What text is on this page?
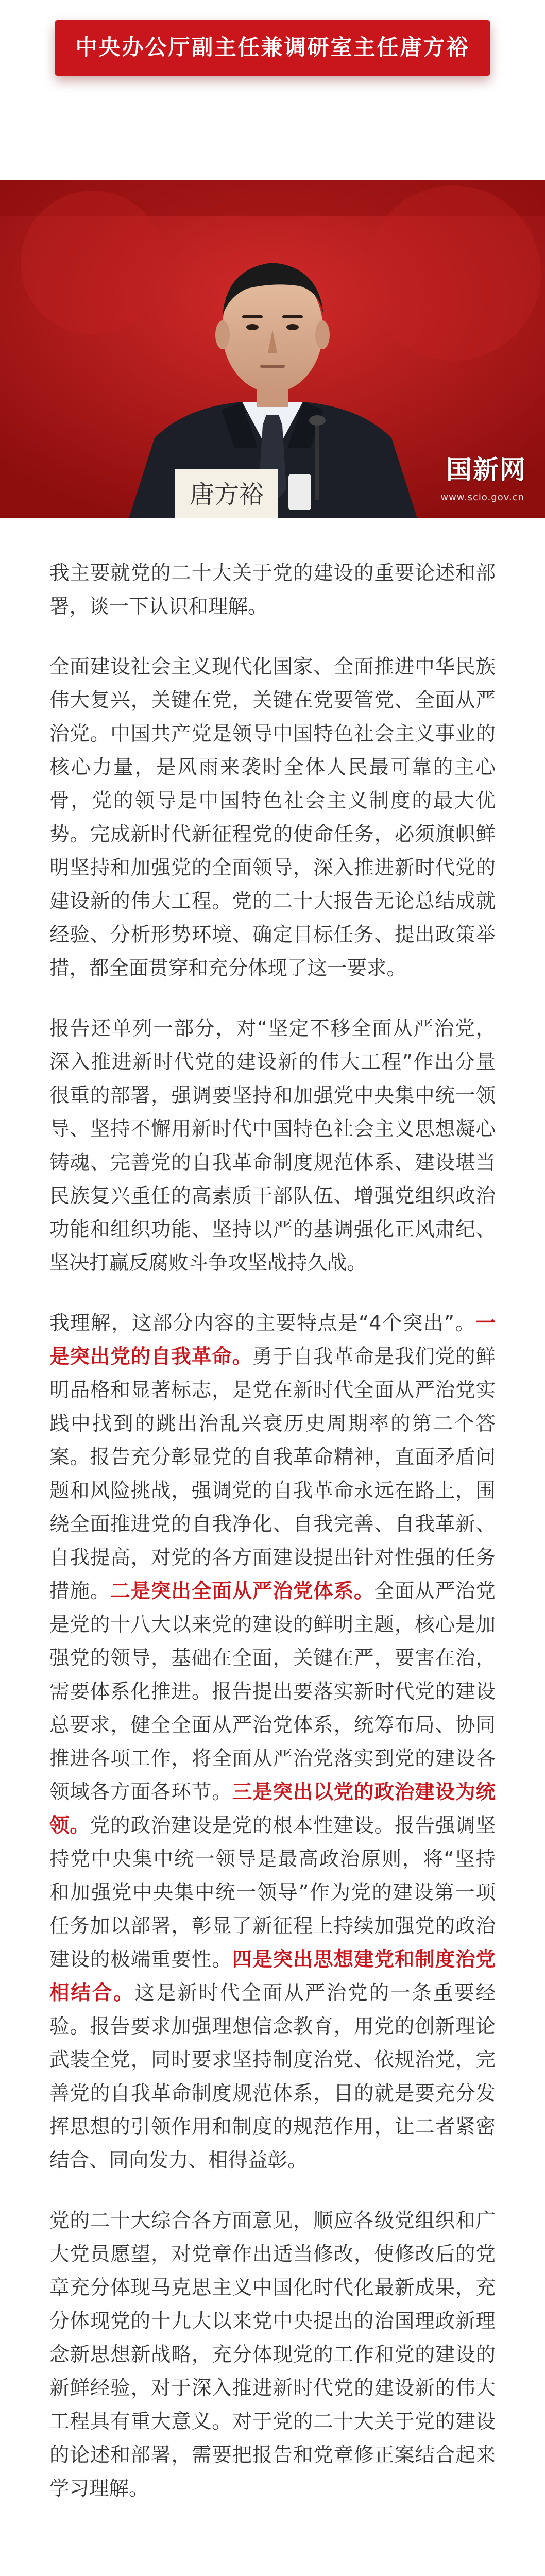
中央办公厅副主任兼调研室主任唐方裕
唐方裕
国新网
www.scio.gov.cn

我主要就党的二十大关于党的建设的重要论述和部署，谈一下认识和理解。

全面建设社会主义现代化国家、全面推进中华民族伟大复兴，关键在党，关键在党要管党、全面从严治党。中国共产党是领导中国特色社会主义事业的核心力量，是风雨来袭时全体人民最可靠的主心骨，党的领导是中国特色社会主义制度的最大优势。完成新时代新征程党的使命任务，必须旗帜鲜明坚持和加强党的全面领导，深入推进新时代党的建设新的伟大工程。党的二十大报告无论总结成就经验、分析形势环境、确定目标任务、提出政策举措，都全面贯穿和充分体现了这一要求。

报告还单列一部分，对“坚定不移全面从严治党，深入推进新时代党的建设新的伟大工程”作出分量很重的部署，强调要坚持和加强党中央集中统一领导、坚持不懈用新时代中国特色社会主义思想凝心铸魂、完善党的自我革命制度规范体系、建设堪当民族复兴重任的高素质干部队伍、增强党组织政治功能和组织功能、坚持以严的基调强化正风肃纪、坚决打赢反腐败斗争攻坚战持久战。

我理解，这部分内容的主要特点是“4个突出”。一是突出党的自我革命。勇于自我革命是我们党的鲜明品格和显著标志，是党在新时代全面从严治党实践中找到的跳出治乱兴衰历史周期率的第二个答案。报告充分彰显党的自我革命精神，直面矛盾问题和风险挑战，强调党的自我革命永远在路上，围绕全面推进党的自我净化、自我完善、自我革新、自我提高，对党的各方面建设提出针对性强的任务措施。二是突出全面从严治党体系。全面从严治党是党的十八大以来党的建设的鲜明主题，核心是加强党的领导，基础在全面，关键在严，要害在治，需要体系化推进。报告提出要落实新时代党的建设总要求，健全全面从严治党体系，统筹布局、协同推进各项工作，将全面从严治党落实到党的建设各领域各方面各环节。三是突出以党的政治建设为统领。党的政治建设是党的根本性建设。报告强调坚持党中央集中统一领导是最高政治原则，将“坚持和加强党中央集中统一领导”作为党的建设第一项任务加以部署，彰显了新征程上持续加强党的政治建设的极端重要性。四是突出思想建党和制度治党相结合。这是新时代全面从严治党的一条重要经验。报告要求加强理想信念教育，用党的创新理论武装全党，同时要求坚持制度治党、依规治党，完善党的自我革命制度规范体系，目的就是要充分发挥思想的引领作用和制度的规范作用，让二者紧密结合、同向发力、相得益彰。

党的二十大综合各方面意见，顺应各级党组织和广大党员愿望，对党章作出适当修改，使修改后的党章充分体现马克思主义中国化时代化最新成果，充分体现党的十九大以来党中央提出的治国理政新理念新思想新战略，充分体现党的工作和党的建设的新鲜经验，对于深入推进新时代党的建设新的伟大工程具有重大意义。对于党的二十大关于党的建设的论述和部署，需要把报告和党章修正案结合起来学习理解。
